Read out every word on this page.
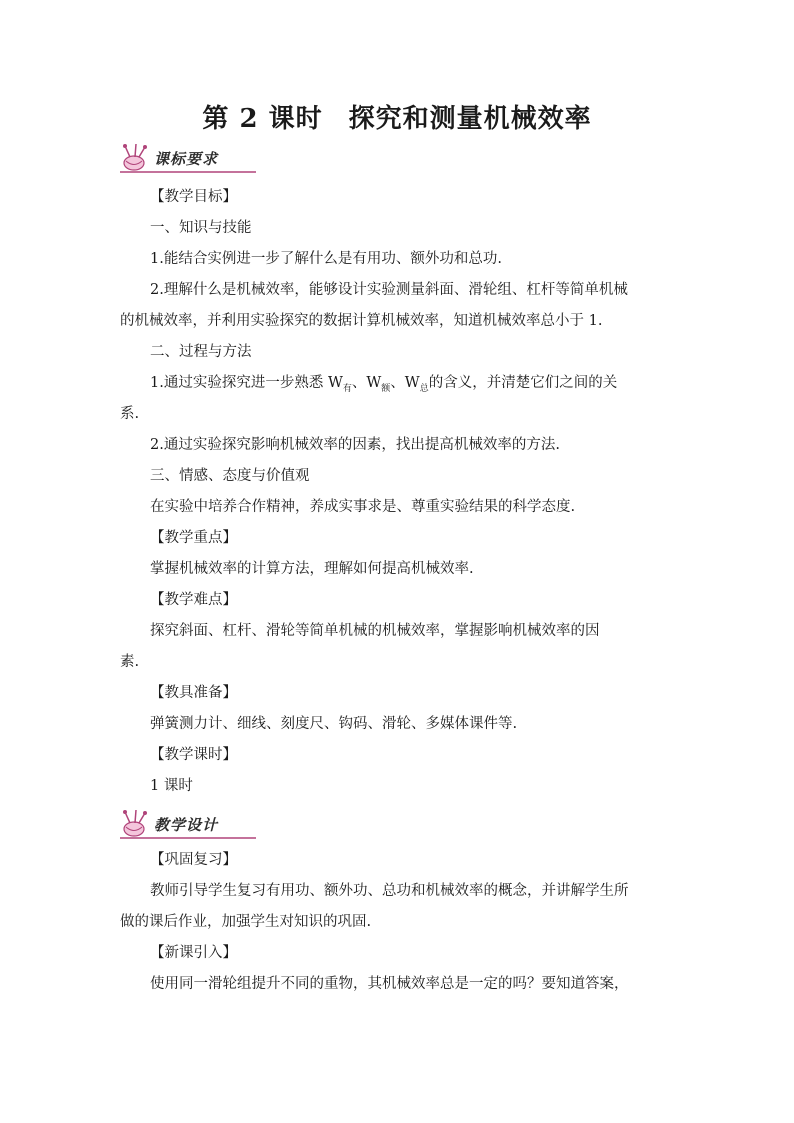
第 2 课时 探究和测量机械效率
课标要求

【教学目标】

一、知识与技能

1.能结合实例进一步了解什么是有用功、额外功和总功.

2.理解什么是机械效率，能够设计实验测量斜面、滑轮组、杠杆等简单机械

的机械效率，并利用实验探究的数据计算机械效率，知道机械效率总小于 1.

二、过程与方法

1.通过实验探究进一步熟悉 $W_有$、$W_额$、$W_总$的含义，并清楚它们之间的关

系.

2.通过实验探究影响机械效率的因素，找出提高机械效率的方法.

三、情感、态度与价值观

在实验中培养合作精神，养成实事求是、尊重实验结果的科学态度.

【教学重点】

掌握机械效率的计算方法，理解如何提高机械效率.

【教学难点】

探究斜面、杠杆、滑轮等简单机械的机械效率，掌握影响机械效率的因

素.

【教具准备】

弹簧测力计、细线、刻度尺、钩码、滑轮、多媒体课件等.

【教学课时】

1 课时

教学设计

【巩固复习】

教师引导学生复习有用功、额外功、总功和机械效率的概念，并讲解学生所

做的课后作业，加强学生对知识的巩固.

【新课引入】

使用同一滑轮组提升不同的重物，其机械效率总是一定的吗？要知道答案，
